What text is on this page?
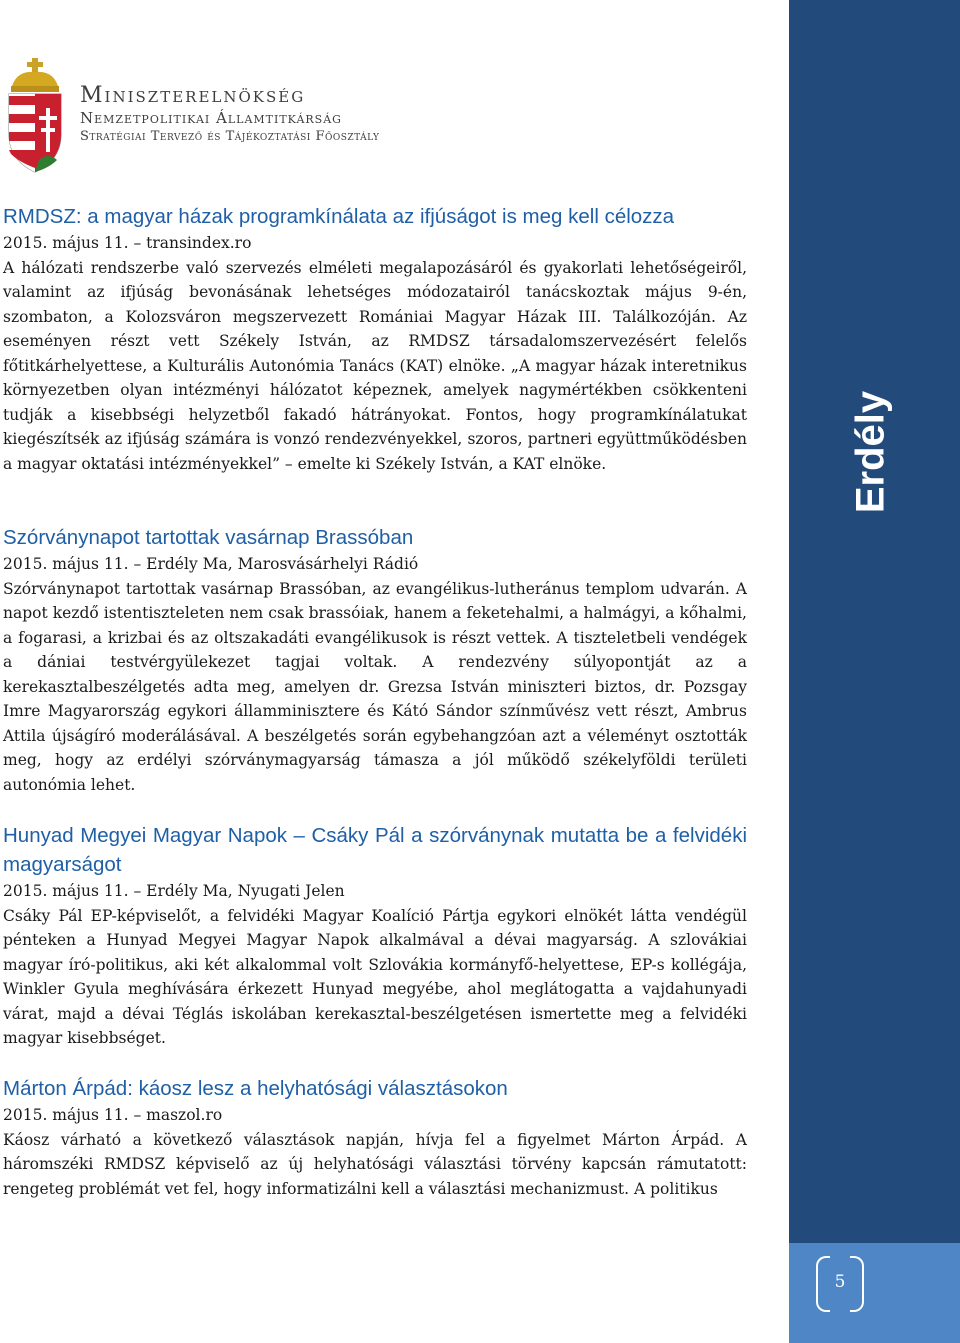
Erdély
5
Miniszterelnökség
Nemzetpolitikai Államtitkárság
Stratégiai Tervező és Tájékoztatási Főosztály
RMDSZ: a magyar házak programkínálata az ifjúságot is meg kell célozza
2015. május 11. – transindex.ro

A hálózati rendszerbe való szervezés elméleti megalapozásáról és gyakorlati lehetőségeiről, valamint az ifjúság bevonásának lehetséges módozatairól tanácskoztak május 9-én, szombaton, a Kolozsváron megszervezett Romániai Magyar Házak III. Találkozóján. Az eseményen részt vett Székely István, az RMDSZ társadalomszervezésért felelős főtitkárhelyettese, a Kulturális Autonómia Tanács (KAT) elnöke. „A magyar házak interetnikus környezetben olyan intézményi hálózatot képeznek, amelyek nagymértékben csökkenteni tudják a kisebbségi helyzetből fakadó hátrányokat. Fontos, hogy programkínálatukat kiegészítsék az ifjúság számára is vonzó rendezvényekkel, szoros, partneri együttműködésben a magyar oktatási intézményekkel” – emelte ki Székely István, a KAT elnöke.

Szórványnapot tartottak vasárnap Brassóban
2015. május 11. – Erdély Ma, Marosvásárhelyi Rádió

Szórványnapot tartottak vasárnap Brassóban, az evangélikus-lutheránus templom udvarán. A napot kezdő istentiszteleten nem csak brassóiak, hanem a feketehalmi, a halmágyi, a kőhalmi, a fogarasi, a krizbai és az oltszakadáti evangélikusok is részt vettek. A tiszteletbeli vendégek a dániai testvérgyülekezet tagjai voltak. A rendezvény súlyopontját az a kerekasztalbeszélgetés adta meg, amelyen dr. Grezsa István miniszteri biztos, dr. Pozsgay Imre Magyarország egykori államminisztere és Kátó Sándor színművész vett részt, Ambrus Attila újságíró moderálásával. A beszélgetés során egybehangzóan azt a véleményt osztották meg, hogy az erdélyi szórványmagyarság támasza a jól működő székelyföldi területi autonómia lehet.

Hunyad Megyei Magyar Napok – Csáky Pál a szórványnak mutatta be a felvidéki magyarságot
2015. május 11. – Erdély Ma, Nyugati Jelen

Csáky Pál EP-képviselőt, a felvidéki Magyar Koalíció Pártja egykori elnökét látta vendégül pénteken a Hunyad Megyei Magyar Napok alkalmával a dévai magyarság. A szlovákiai magyar író-politikus, aki két alkalommal volt Szlovákia kormányfő-helyettese, EP-s kollégája, Winkler Gyula meghívására érkezett Hunyad megyébe, ahol meglátogatta a vajdahunyadi várat, majd a dévai Téglás iskolában kerekasztal-beszélgetésen ismertette meg a felvidéki magyar kisebbséget.

Márton Árpád: káosz lesz a helyhatósági választásokon
2015. május 11. – maszol.ro

Káosz várható a következő választások napján, hívja fel a figyelmet Márton Árpád. A háromszéki RMDSZ képviselő az új helyhatósági választási törvény kapcsán rámutatott: rengeteg problémát vet fel, hogy informatizálni kell a választási mechanizmust. A politikus
